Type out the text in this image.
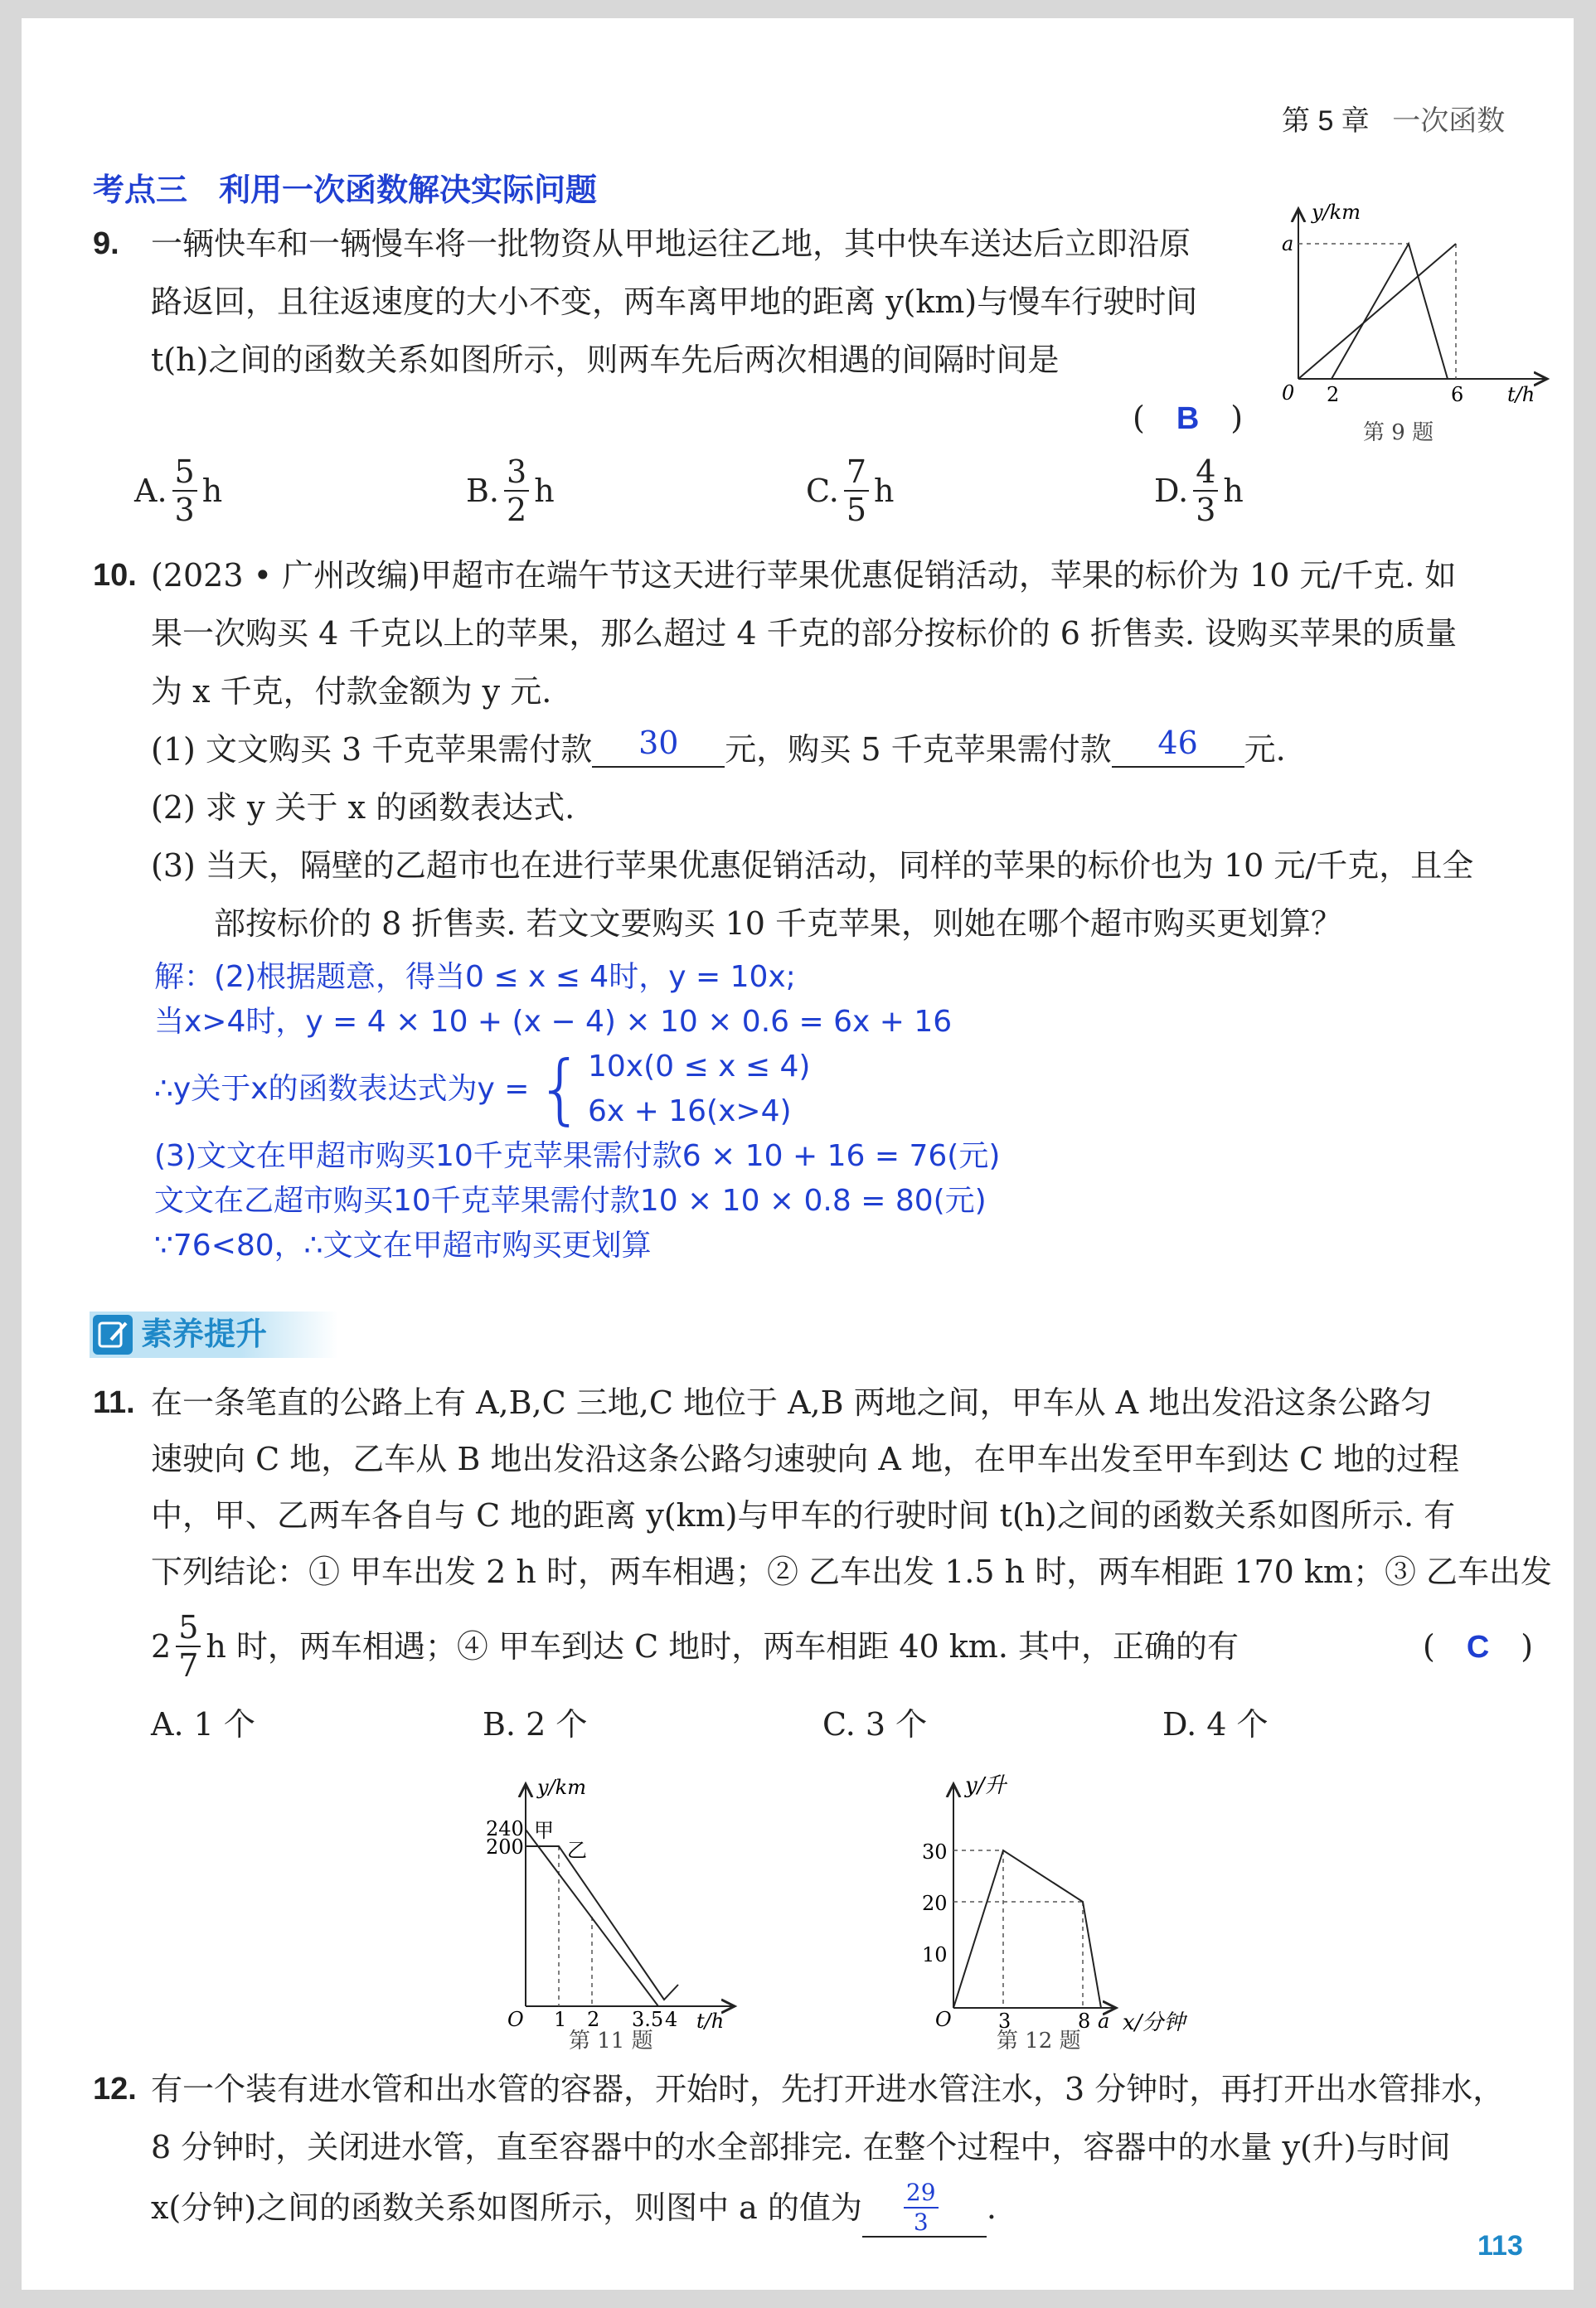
第 5 章 一次函数
考点三　利用一次函数解决实际问题
9. 一辆快车和一辆慢车将一批物资从甲地运往乙地，其中快车送达后立即沿原
路返回，且往返速度的大小不变，两车离甲地的距离 y(km)与慢车行驶时间
t(h)之间的函数关系如图所示，则两车先后两次相遇的间隔时间是
(　B　)
A. $\frac{5}{3}$ h	B. $\frac{3}{2}$ h	C. $\frac{7}{5}$ h	D. $\frac{4}{3}$ h
y/km
a
0 2	6 t/h
第 9 题
10. (2023 • 广州改编)甲超市在端午节这天进行苹果优惠促销活动，苹果的标价为 10 元/千克. 如
果一次购买 4 千克以上的苹果，那么超过 4 千克的部分按标价的 6 折售卖. 设购买苹果的质量
为 x 千克，付款金额为 y 元.
(1) 文文购买 3 千克苹果需付款 30 元，购买 5 千克苹果需付款 46 元.
(2) 求 y 关于 x 的函数表达式.
(3) 当天，隔壁的乙超市也在进行苹果优惠促销活动，同样的苹果的标价也为 10 元/千克，且全
部按标价的 8 折售卖. 若文文要购买 10 千克苹果，则她在哪个超市购买更划算？
解：(2)根据题意，得当0 ≤ x ≤ 4时，y = 10x;
当x>4时，y = 4 × 10 + (x − 4) × 10 × 0.6 = 6x + 16
∴y关于x的函数表达式为y = { 10x(0 ≤ x ≤ 4)
6x + 16(x>4)
(3)文文在甲超市购买10千克苹果需付款6 × 10 + 16 = 76(元)
文文在乙超市购买10千克苹果需付款10 × 10 × 0.8 = 80(元)
∵76<80，∴文文在甲超市购买更划算
素养提升
11. 在一条笔直的公路上有 A,B,C 三地,C 地位于 A,B 两地之间，甲车从 A 地出发沿这条公路匀
速驶向 C 地，乙车从 B 地出发沿这条公路匀速驶向 A 地，在甲车出发至甲车到达 C 地的过程
中，甲、乙两车各自与 C 地的距离 y(km)与甲车的行驶时间 t(h)之间的函数关系如图所示. 有
下列结论：① 甲车出发 2 h 时，两车相遇；② 乙车出发 1.5 h 时，两车相距 170 km；③ 乙车出发
$2 \frac{5}{7}$ h 时，两车相遇；④ 甲车到达 C 地时，两车相距 40 km. 其中，正确的有	(　C　)
A. 1 个	B. 2 个	C. 3 个	D. 4 个
y/km
240
200
甲
乙
O 1 2 3.5 4 t/h
第 11 题
y/升
30
20
10
O 3	8 a x/分钟
第 12 题
12. 有一个装有进水管和出水管的容器，开始时，先打开进水管注水，3 分钟时，再打开出水管排水，
8 分钟时，关闭进水管，直至容器中的水全部排完. 在整个过程中，容器中的水量 y(升)与时间
x(分钟)之间的函数关系如图所示，则图中 a 的值为 $\frac{29}{3}$ .
113
